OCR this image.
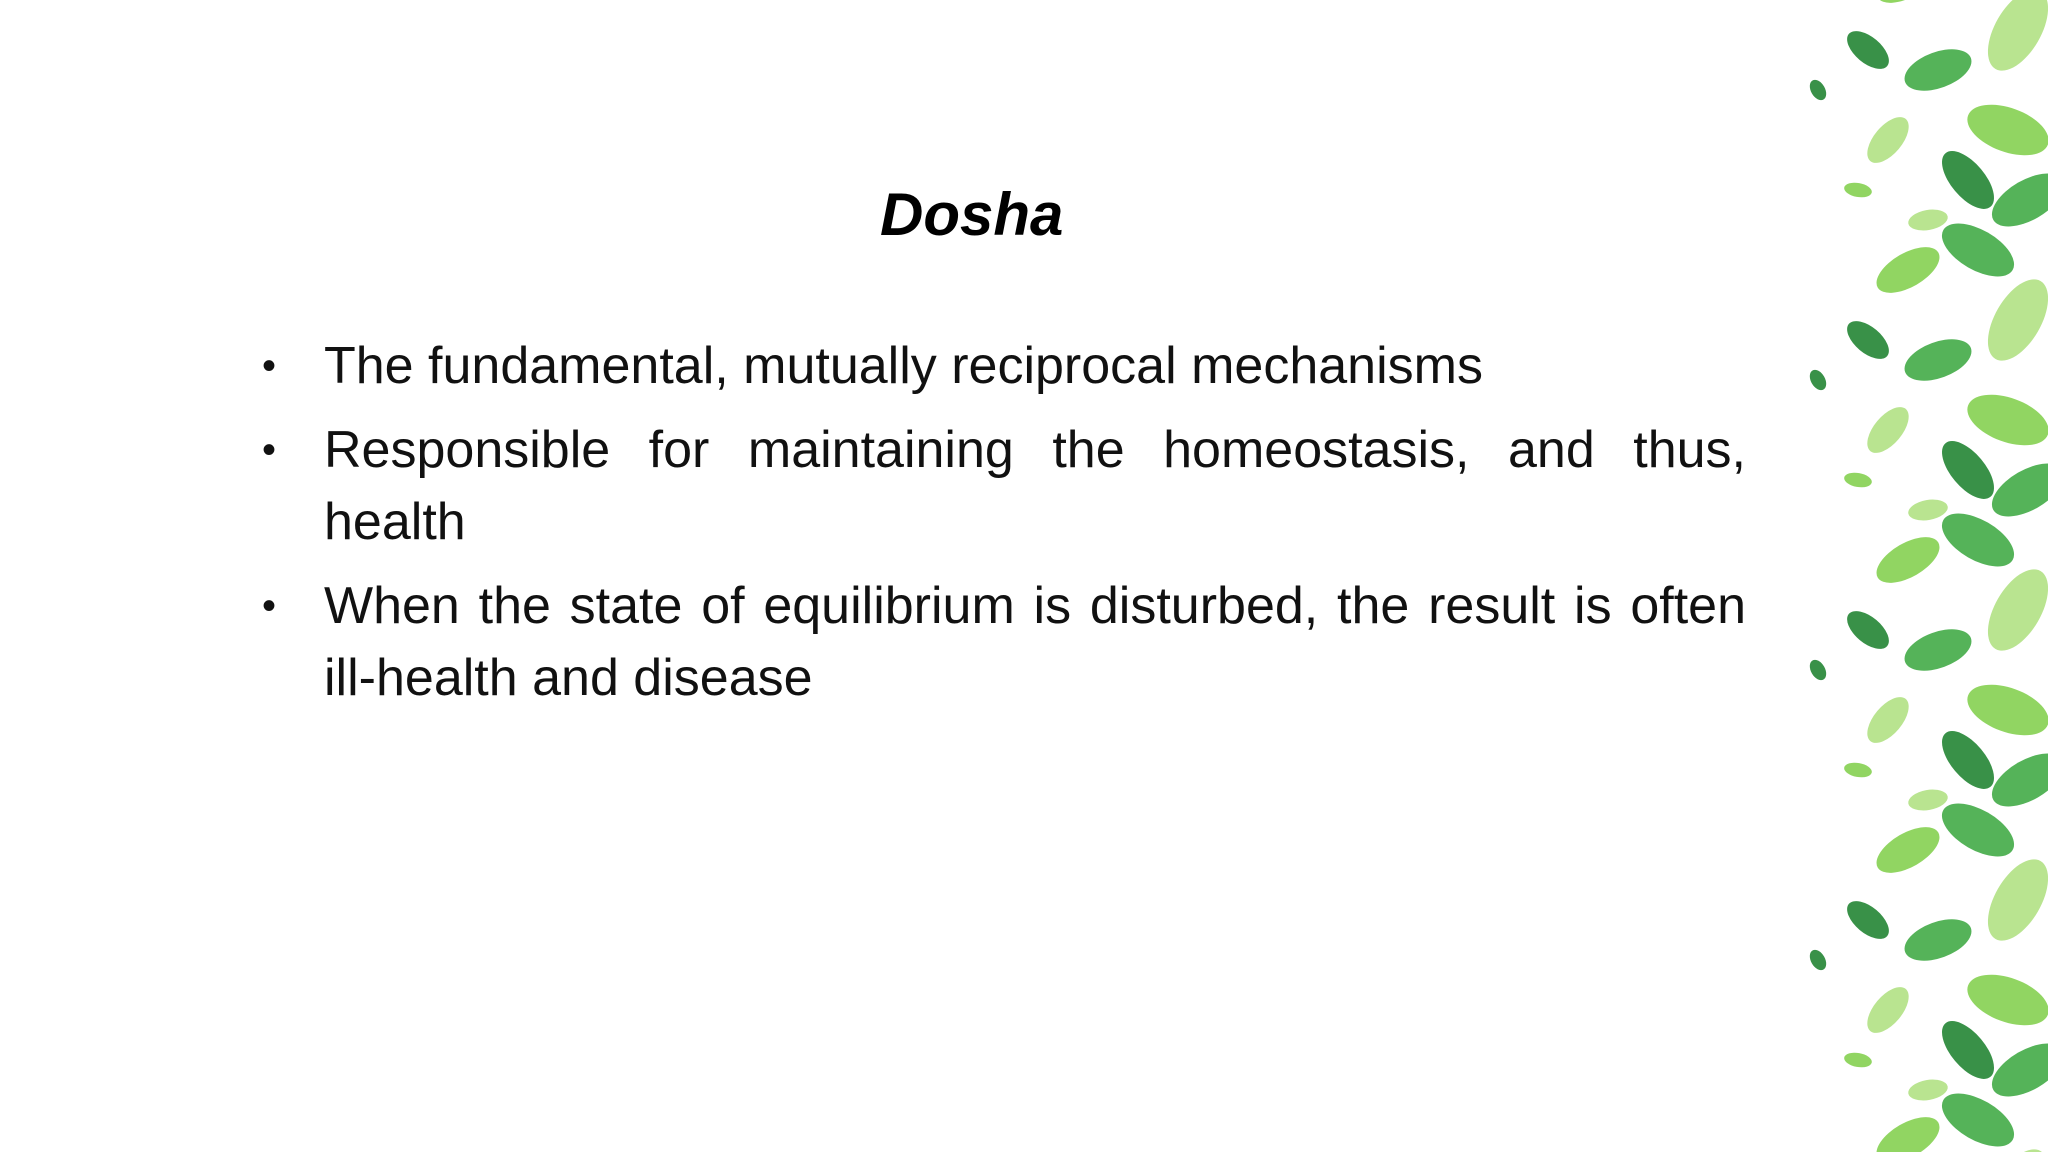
Dosha
• The fundamental, mutually reciprocal mechanisms
• Responsible for maintaining the homeostasis, and thus, health
• When the state of equilibrium is disturbed, the result is often ill-health and disease
